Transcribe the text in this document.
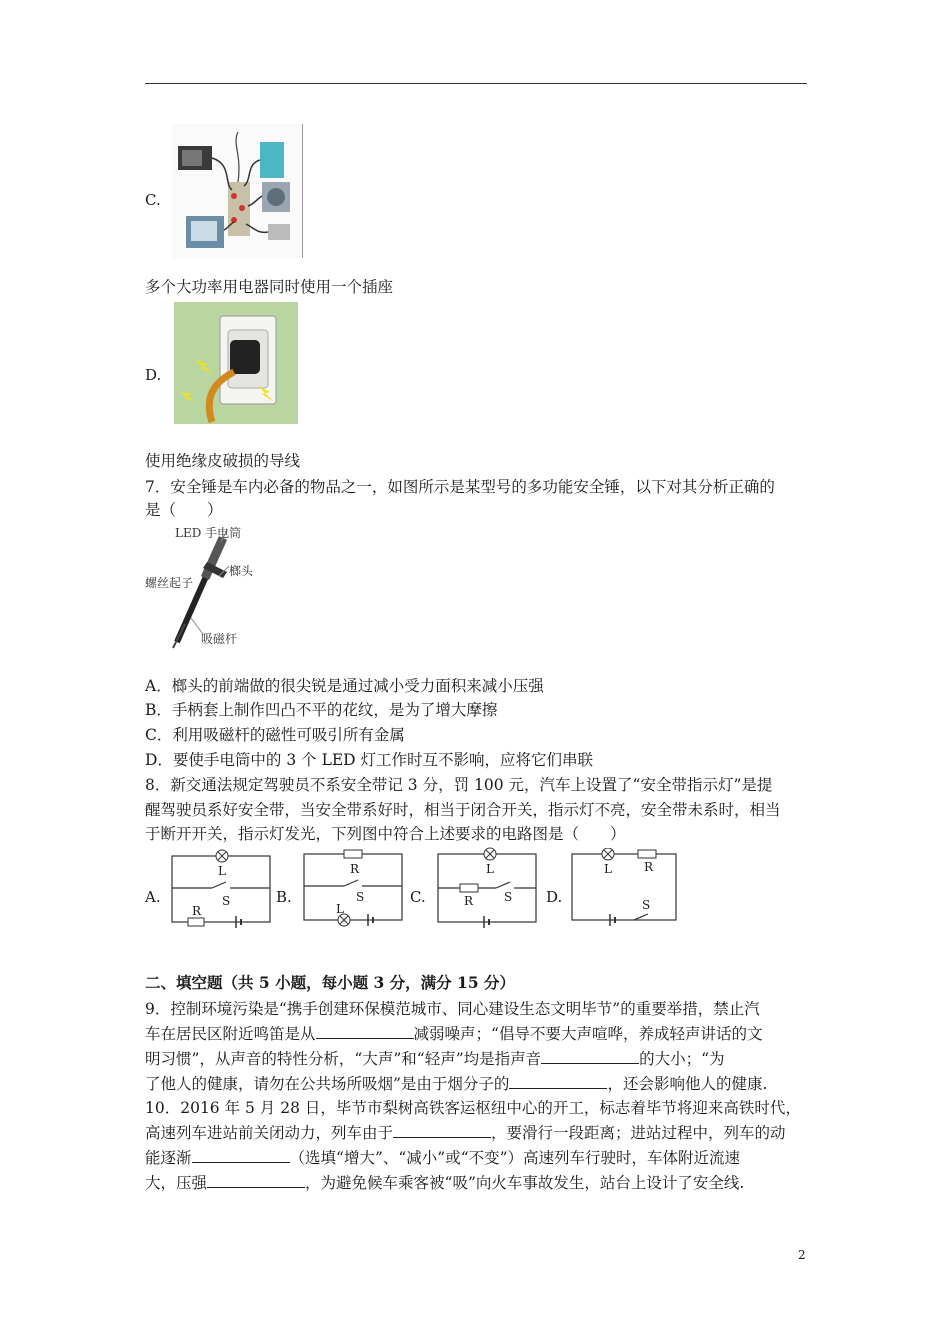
C.
多个大功率用电器同时使用一个插座
D.
使用绝缘皮破损的导线
7．安全锤是车内必备的物品之一，如图所示是某型号的多功能安全锤，以下对其分析正确的
是（　　）
LED 手电筒
螺丝起子
榔头
吸磁杆
A．榔头的前端做的很尖锐是通过减小受力面积来减小压强
B．手柄套上制作凹凸不平的花纹，是为了增大摩擦
C．利用吸磁杆的磁性可吸引所有金属
D．要使手电筒中的 3 个 LED 灯工作时互不影响，应将它们串联
8．新交通法规定驾驶员不系安全带记 3 分，罚 100 元，汽车上设置了“安全带指示灯”是提
醒驾驶员系好安全带，当安全带系好时，相当于闭合开关，指示灯不亮，安全带未系时，相当
于断开开关，指示灯发光，下列图中符合上述要求的电路图是（　　）
A.
L
S
R
B.
R
S
L
C.
L
R	S D.
L	R
S
二、填空题（共 5 小题，每小题 3 分，满分 15 分）
9．控制环境污染是“携手创建环保模范城市、同心建设生态文明毕节”的重要举措，禁止汽
车在居民区附近鸣笛是从	减弱噪声；“倡导不要大声喧哗，养成轻声讲话的文
明习惯”，从声音的特性分析，“大声”和“轻声”均是指声音	的大小；“为
了他人的健康，请勿在公共场所吸烟”是由于烟分子的	，还会影响他人的健康.
10．2016 年 5 月 28 日，毕节市梨树高铁客运枢纽中心的开工，标志着毕节将迎来高铁时代，
高速列车进站前关闭动力，列车由于	，要滑行一段距离；进站过程中，列车的动
能逐渐	（选填“增大”、“减小”或“不变”）高速列车行驶时，车体附近流速
大，压强	，为避免候车乘客被“吸”向火车事故发生，站台上设计了安全线.
2
